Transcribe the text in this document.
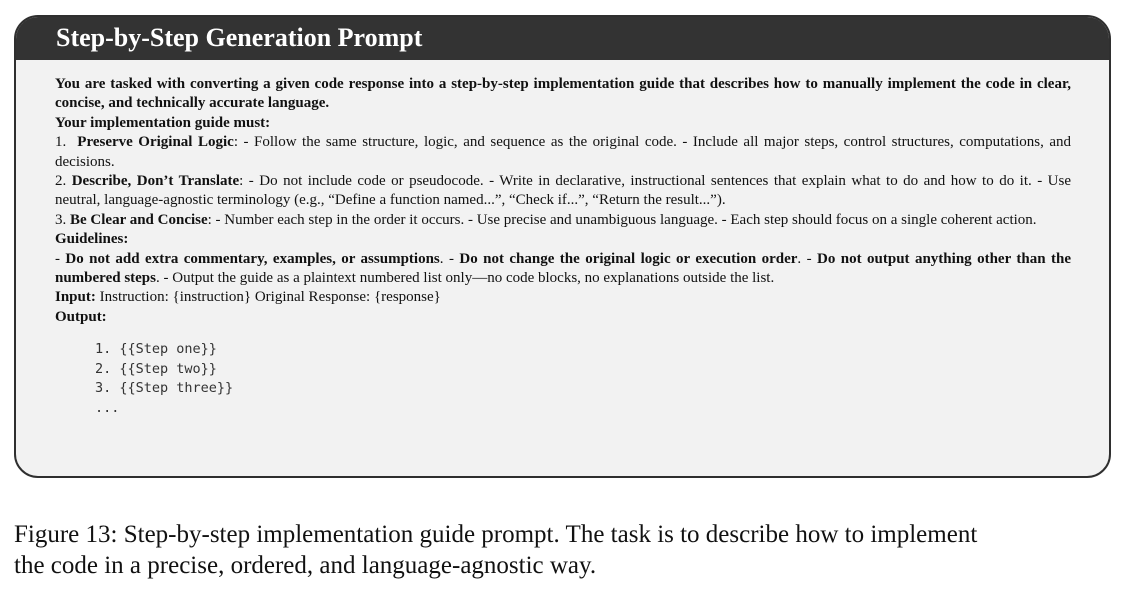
Step-by-Step Generation Prompt

You are tasked with converting a given code response into a step-by-step implementation guide that describes how to manually implement the code in clear, concise, and technically accurate language.

Your implementation guide must:

1. Preserve Original Logic: - Follow the same structure, logic, and sequence as the original code. - Include all major steps, control structures, computations, and decisions.

2. Describe, Don’t Translate: - Do not include code or pseudocode. - Write in declarative, instructional sentences that explain what to do and how to do it. - Use neutral, language-agnostic terminology (e.g., “Define a function named...”, “Check if...”, “Return the result...”).

3. Be Clear and Concise: - Number each step in the order it occurs. - Use precise and unambiguous language. - Each step should focus on a single coherent action.

Guidelines:

- Do not add extra commentary, examples, or assumptions. - Do not change the original logic or execution order. - Do not output anything other than the numbered steps. - Output the guide as a plaintext numbered list only—no code blocks, no explanations outside the list.

Input: Instruction: {instruction} Original Response: {response}

Output:

1. {{Step one}}
2. {{Step two}}
3. {{Step three}}
...
Figure 13: Step-by-step implementation guide prompt. The task is to describe how to implement
the code in a precise, ordered, and language-agnostic way.
